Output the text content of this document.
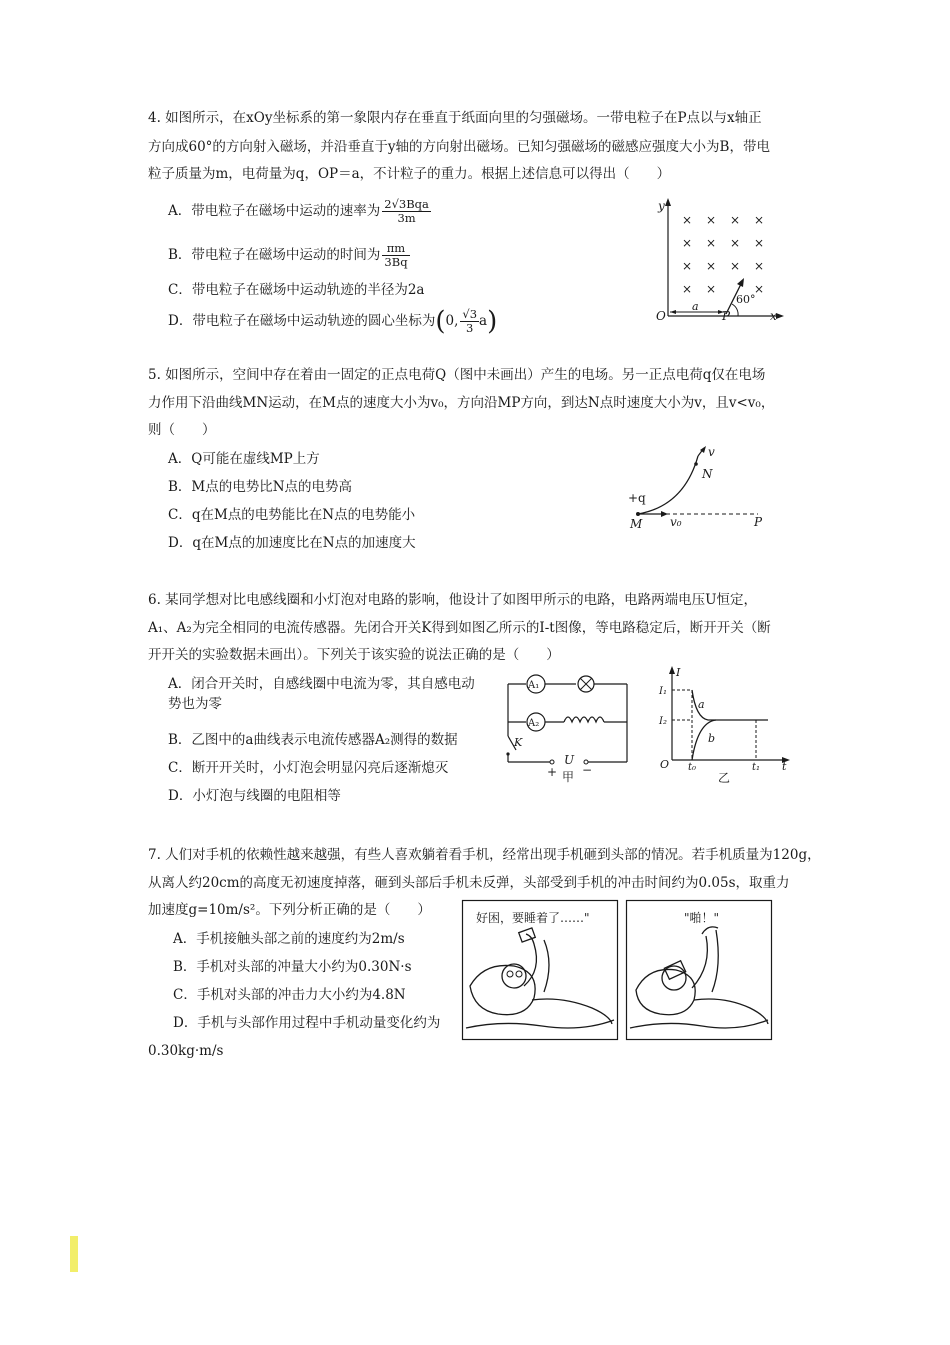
4. 如图所示，在xOy坐标系的第一象限内存在垂直于纸面向里的匀强磁场。一带电粒子在P点以与x轴正
方向成60°的方向射入磁场，并沿垂直于y轴的方向射出磁场。已知匀强磁场的磁感应强度大小为B，带电
粒子质量为m，电荷量为q，OP＝a，不计粒子的重力。根据上述信息可以得出（　　）
A．带电粒子在磁场中运动的速率为 $\frac{\text{2√3Bqa}}{3m}$
B．带电粒子在磁场中运动的时间为 $\frac{\pi m}{3Bq}$
C．带电粒子在磁场中运动轨迹的半径为2a
D．带电粒子在磁场中运动轨迹的圆心坐标为(0, $\frac{√3}{3} a$)
y
x
O
× × × ×
× × × ×
× × × ×
× ×	×
60°
a
P
5. 如图所示，空间中存在着由一固定的正点电荷Q（图中未画出）产生的电场。另一正点电荷q仅在电场
力作用下沿曲线MN运动，在M点的速度大小为v₀，方向沿MP方向，到达N点时速度大小为v，且v<v₀，
则（　　）
A．Q可能在虚线MP上方
B．M点的电势比N点的电势高
C．q在M点的电势能比在N点的电势能小
D．q在M点的加速度比在N点的加速度大
+q
M v₀	P
N
v
6. 某同学想对比电感线圈和小灯泡对电路的影响，他设计了如图甲所示的电路，电路两端电压U恒定，
A₁、A₂为完全相同的电流传感器。先闭合开关K得到如图乙所示的I-t图像，等电路稳定后，断开开关（断
开开关的实验数据未画出）。下列关于该实验的说法正确的是（　　）
A．闭合开关时，自感线圈中电流为零，其自感电动
势也为零
B．乙图中的a曲线表示电流传感器A₂测得的数据
C．断开开关时，小灯泡会明显闪亮后逐渐熄灭
D．小灯泡与线圈的电阻相等
A₁
A₂
K
U
+ −
甲
I
t
O
I₁
I₂
t₀	t₁
a
b
乙
7. 人们对手机的依赖性越来越强，有些人喜欢躺着看手机，经常出现手机砸到头部的情况。若手机质量为120g，
从离人约20cm的高度无初速度掉落，砸到头部后手机未反弹，头部受到手机的冲击时间约为0.05s，取重力
加速度g=10m/s²。下列分析正确的是（　　）
A．手机接触头部之前的速度约为2m/s
B．手机对头部的冲量大小约为0.30N·s
C．手机对头部的冲击力大小约为4.8N
D．手机与头部作用过程中手机动量变化约为
0.30kg·m/s
好困，要睡着了……"	"啪！"
